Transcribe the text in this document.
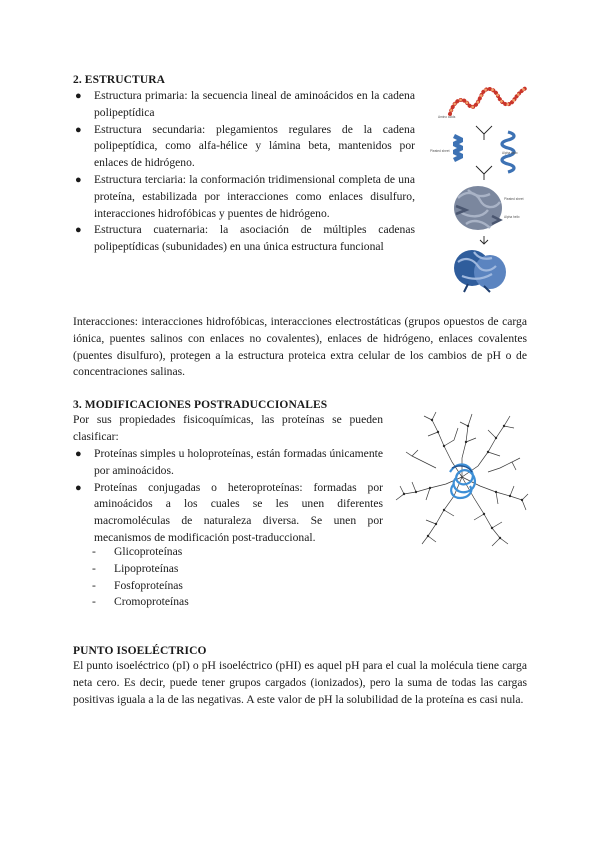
2. ESTRUCTURA
● Estructura primaria: la secuencia lineal de aminoácidos en la cadena polipeptídica
● Estructura secundaria: plegamientos regulares de la cadena polipeptídica, como alfa-hélice y lámina beta, mantenidos por enlaces de hidrógeno.
● Estructura terciaria: la conformación tridimensional completa de una proteína, estabilizada por interacciones como enlaces disulfuro, interacciones hidrofóbicas y puentes de hidrógeno.
● Estructura cuaternaria: la asociación de múltiples cadenas polipeptídicas (subunidades) en una única estructura funcional
Amino acids
Pleated sheet	Alpha helix
Pleated sheet
Alpha helix

Interacciones: interacciones hidrofóbicas, interacciones electrostáticas (grupos opuestos de carga iónica, puentes salinos con enlaces no covalentes), enlaces de hidrógeno, enlaces covalentes (puentes disulfuro), protegen a la estructura proteica extra celular de los cambios de pH o de concentraciones salinas.

3. MODIFICACIONES POSTRADUCCIONALES

Por sus propiedades fisicoquímicas, las proteínas se pueden clasificar:

● Proteínas simples u holoproteínas, están formadas únicamente por aminoácidos.
● Proteínas conjugadas o heteroproteínas: formadas por aminoácidos a los cuales se les unen diferentes macromoléculas de naturaleza diversa. Se unen por mecanismos de modificación post-traduccional.
- Glicoproteínas
- Lipoproteínas
- Fosfoproteínas
- Cromoproteínas
PUNTO ISOELÉCTRICO

El punto isoeléctrico (pI) o pH isoeléctrico (pHI) es aquel pH para el cual la molécula tiene carga neta cero. Es decir, puede tener grupos cargados (ionizados), pero la suma de todas las cargas positivas iguala a la de las negativas. A este valor de pH la solubilidad de la proteína es casi nula.
